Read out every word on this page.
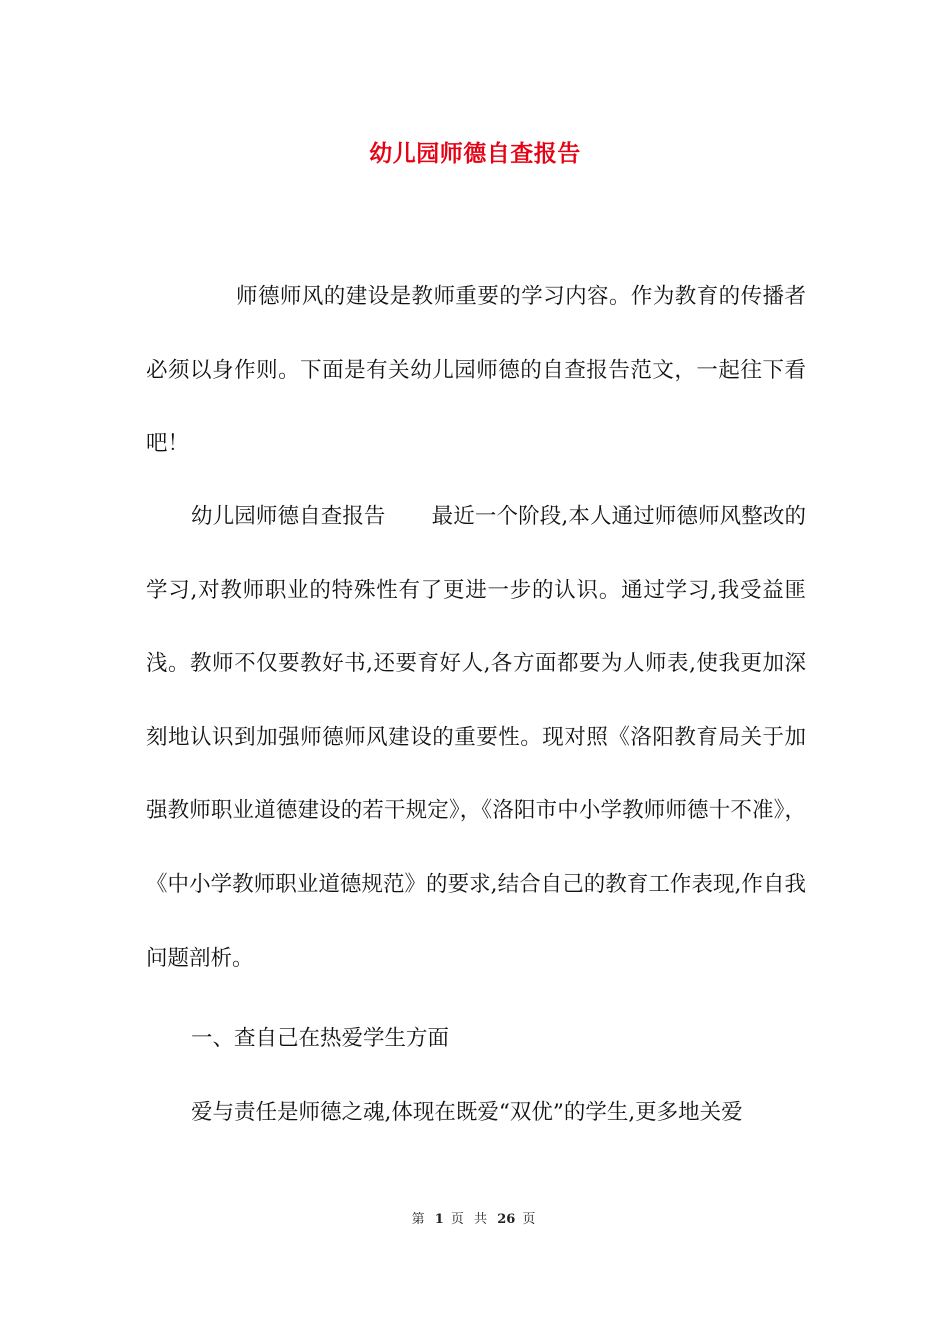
幼儿园师德自查报告

师德师风的建设是教师重要的学习内容。作为教育的传播者必须以身作则。下面是有关幼儿园师德的自查报告范文，一起往下看吧！

幼儿园师德自查报告 最近一个阶段,本人通过师德师风整改的学习,对教师职业的特殊性有了更进一步的认识。通过学习,我受益匪浅。教师不仅要教好书,还要育好人,各方面都要为人师表,使我更加深刻地认识到加强师德师风建设的重要性。现对照《洛阳教育局关于加强教师职业道德建设的若干规定》，《洛阳市中小学教师师德十不准》， 《中小学教师职业道德规范》的要求,结合自己的教育工作表现,作自我问题剖析。

一、查自己在热爱学生方面

爱与责任是师德之魂,体现在既爱“双优”的学生,更多地关爱

第 1 页 共 26 页
